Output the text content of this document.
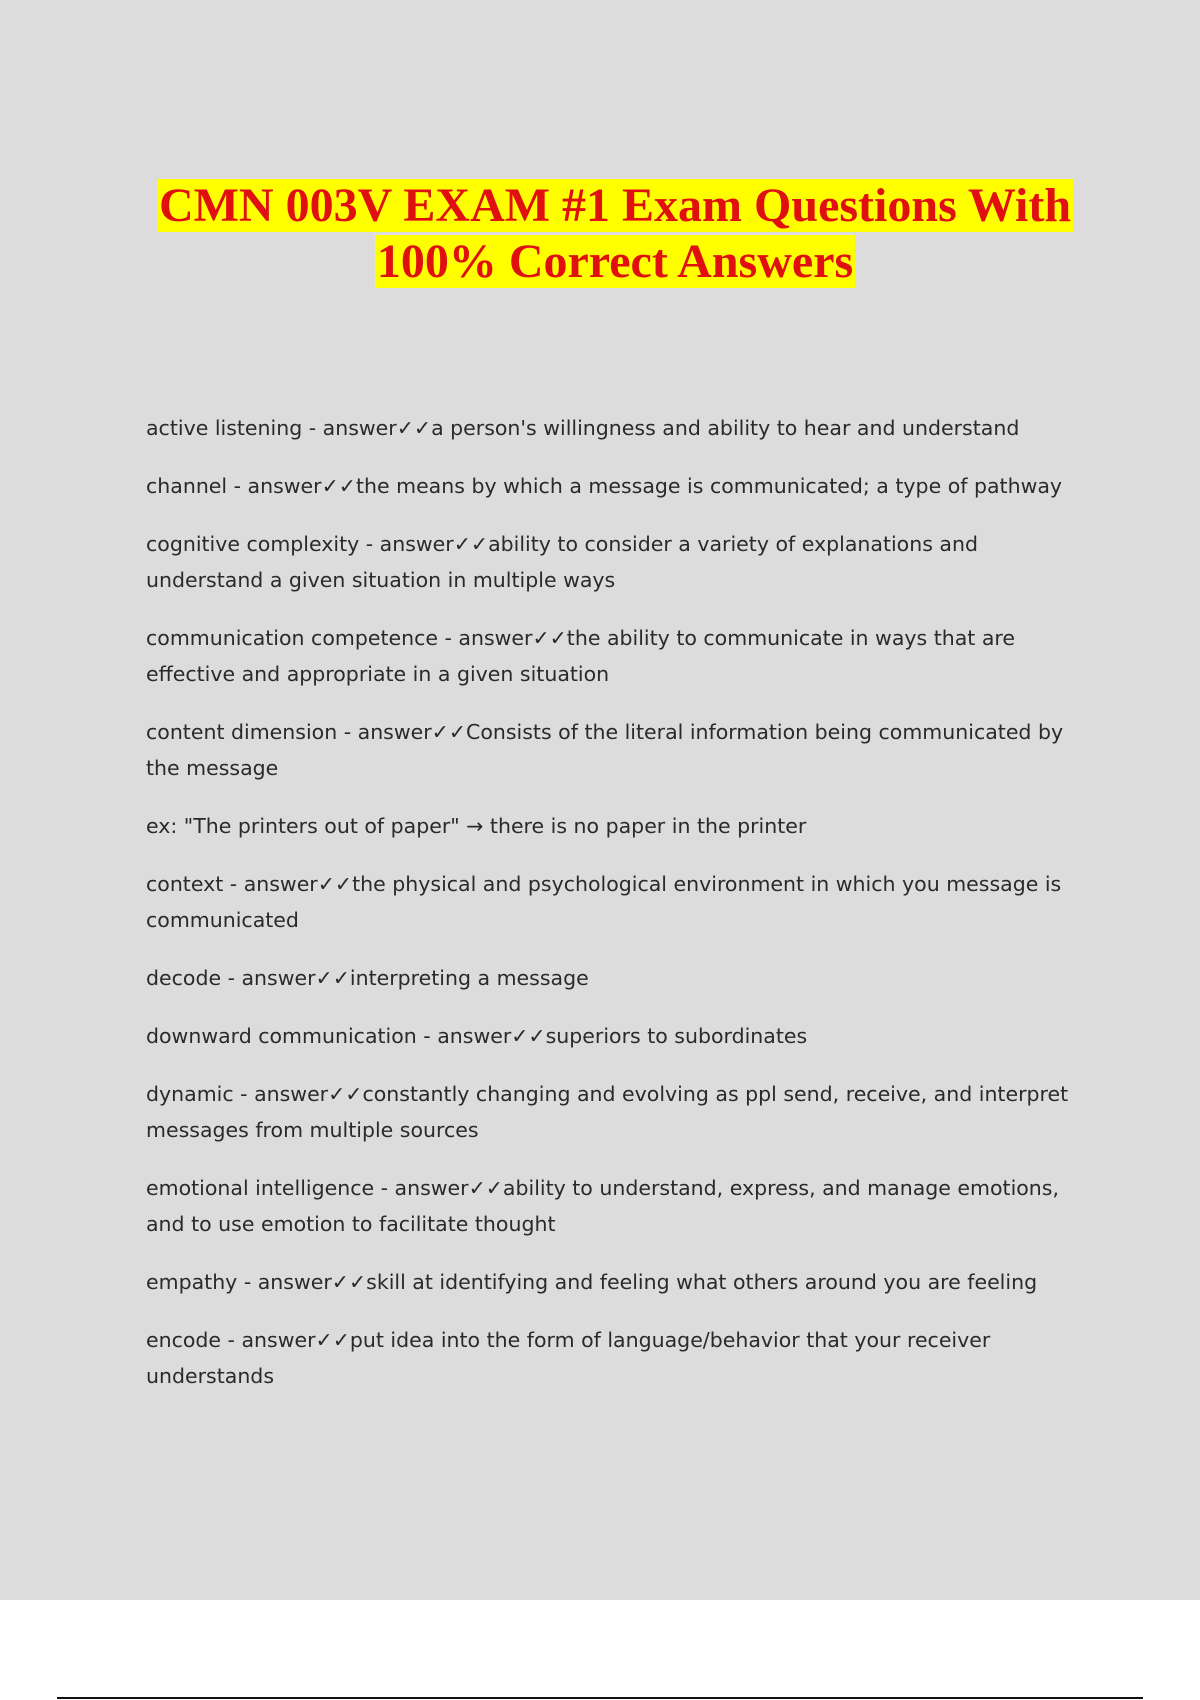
CMN 003V EXAM #1 Exam Questions With
100% Correct Answers
active listening - answer✓✓a person's willingness and ability to hear and understand
channel - answer✓✓the means by which a message is communicated; a type of pathway
cognitive complexity - answer✓✓ability to consider a variety of explanations and understand a given situation in multiple ways
communication competence - answer✓✓the ability to communicate in ways that are effective and appropriate in a given situation
content dimension - answer✓✓Consists of the literal information being communicated by the message
ex: "The printers out of paper" → there is no paper in the printer
context - answer✓✓the physical and psychological environment in which you message is communicated
decode - answer✓✓interpreting a message
downward communication - answer✓✓superiors to subordinates
dynamic - answer✓✓constantly changing and evolving as ppl send, receive, and interpret messages from multiple sources
emotional intelligence - answer✓✓ability to understand, express, and manage emotions, and to use emotion to facilitate thought
empathy - answer✓✓skill at identifying and feeling what others around you are feeling
encode - answer✓✓put idea into the form of language/behavior that your receiver understands
